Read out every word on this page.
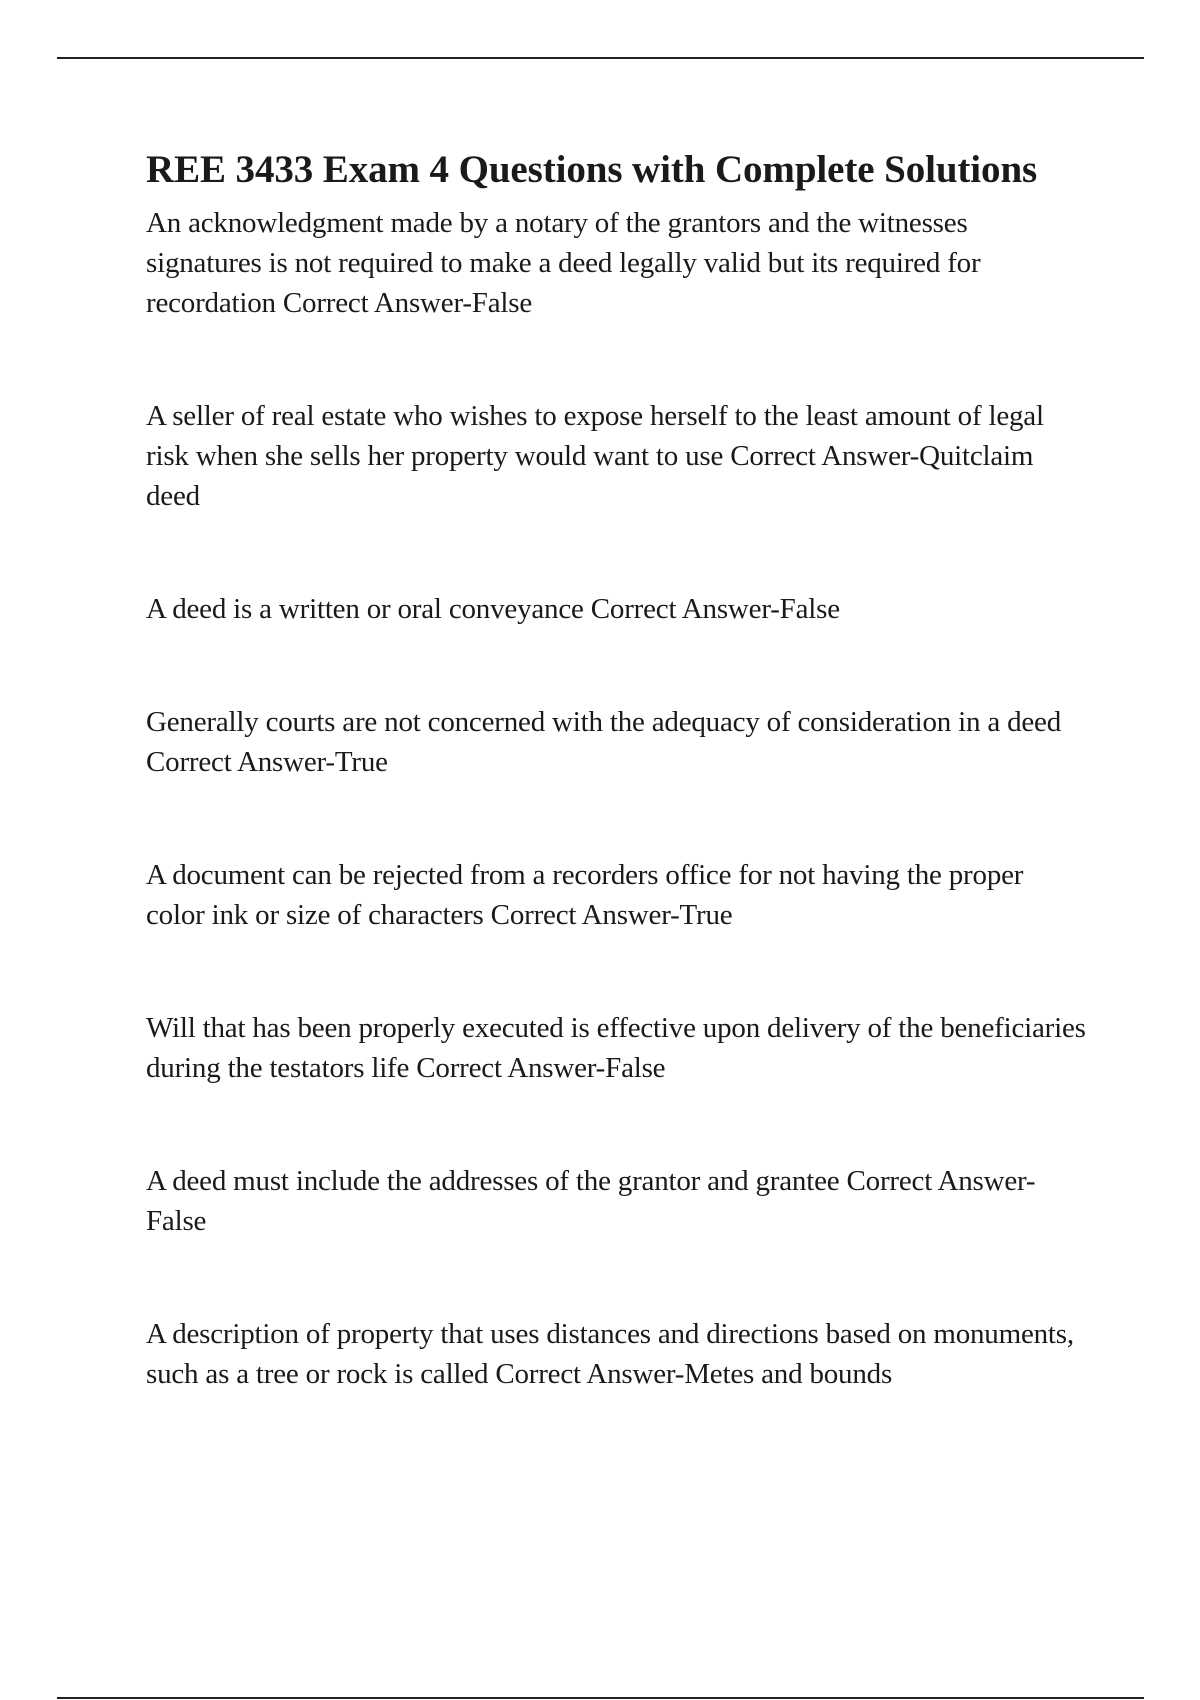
REE 3433 Exam 4 Questions with Complete Solutions
An acknowledgment made by a notary of the grantors and the witnesses signatures is not required to make a deed legally valid but its required for recordation Correct Answer-False
A seller of real estate who wishes to expose herself to the least amount of legal risk when she sells her property would want to use Correct Answer-Quitclaim deed
A deed is a written or oral conveyance Correct Answer-False
Generally courts are not concerned with the adequacy of consideration in a deed Correct Answer-True
A document can be rejected from a recorders office for not having the proper color ink or size of characters Correct Answer-True
Will that has been properly executed is effective upon delivery of the beneficiaries during the testators life Correct Answer-False
A deed must include the addresses of the grantor and grantee Correct Answer-False
A description of property that uses distances and directions based on monuments, such as a tree or rock is called Correct Answer-Metes and bounds
